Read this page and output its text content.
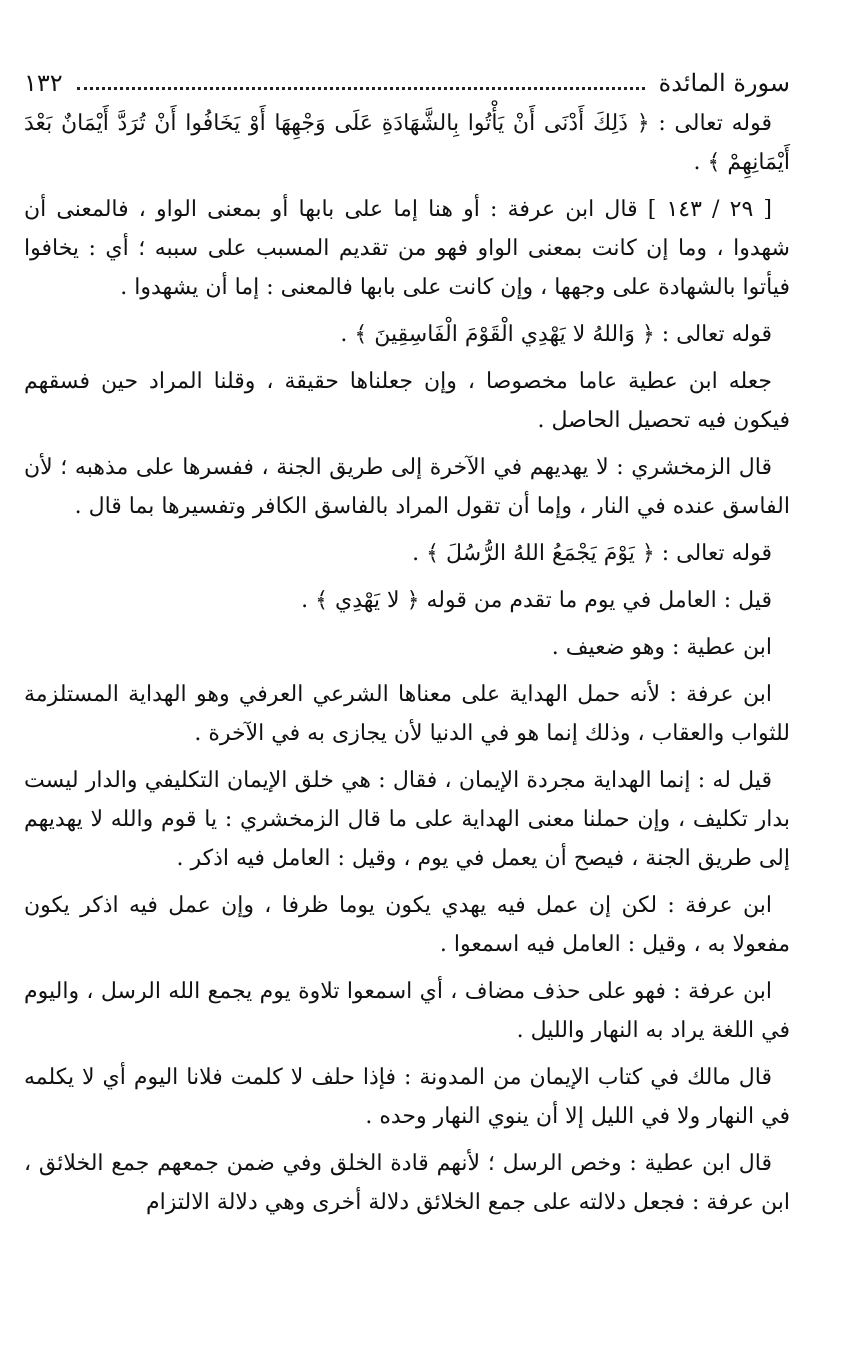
سورة المائدة
١٣٢

قوله تعالى : ﴿ ذَلِكَ أَدْنَى أَنْ يَأْتُوا بِالشَّهَادَةِ عَلَى وَجْهِهَا أَوْ يَخَافُوا أَنْ تُرَدَّ أَيْمَانٌ بَعْدَ أَيْمَانِهِمْ ﴾ .

[ ٢٩ / ١٤٣ ] قال ابن عرفة : أو هنا إما على بابها أو بمعنى الواو ، فالمعنى أن شهدوا ، وما إن كانت بمعنى الواو فهو من تقديم المسبب على سببه ؛ أي : يخافوا فيأتوا بالشهادة على وجهها ، وإن كانت على بابها فالمعنى : إما أن يشهدوا .

قوله تعالى : ﴿ وَاللهُ لا يَهْدِي الْقَوْمَ الْفَاسِقِينَ ﴾ .

جعله ابن عطية عاما مخصوصا ، وإن جعلناها حقيقة ، وقلنا المراد حين فسقهم فيكون فيه تحصيل الحاصل .

قال الزمخشري : لا يهديهم في الآخرة إلى طريق الجنة ، ففسرها على مذهبه ؛ لأن الفاسق عنده في النار ، وإما أن تقول المراد بالفاسق الكافر وتفسيرها بما قال .

قوله تعالى : ﴿ يَوْمَ يَجْمَعُ اللهُ الرُّسُلَ ﴾ .

قيل : العامل في يوم ما تقدم من قوله ﴿ لا يَهْدِي ﴾ .

ابن عطية : وهو ضعيف .

ابن عرفة : لأنه حمل الهداية على معناها الشرعي العرفي وهو الهداية المستلزمة للثواب والعقاب ، وذلك إنما هو في الدنيا لأن يجازى به في الآخرة .

قيل له : إنما الهداية مجردة الإيمان ، فقال : هي خلق الإيمان التكليفي والدار ليست بدار تكليف ، وإن حملنا معنى الهداية على ما قال الزمخشري : يا قوم والله لا يهديهم إلى طريق الجنة ، فيصح أن يعمل في يوم ، وقيل : العامل فيه اذكر .

ابن عرفة : لكن إن عمل فيه يهدي يكون يوما ظرفا ، وإن عمل فيه اذكر يكون مفعولا به ، وقيل : العامل فيه اسمعوا .

ابن عرفة : فهو على حذف مضاف ، أي اسمعوا تلاوة يوم يجمع الله الرسل ، واليوم في اللغة يراد به النهار والليل .

قال مالك في كتاب الإيمان من المدونة : فإذا حلف لا كلمت فلانا اليوم أي لا يكلمه في النهار ولا في الليل إلا أن ينوي النهار وحده .

قال ابن عطية : وخص الرسل ؛ لأنهم قادة الخلق وفي ضمن جمعهم جمع الخلائق ، ابن عرفة : فجعل دلالته على جمع الخلائق دلالة أخرى وهي دلالة الالتزام
